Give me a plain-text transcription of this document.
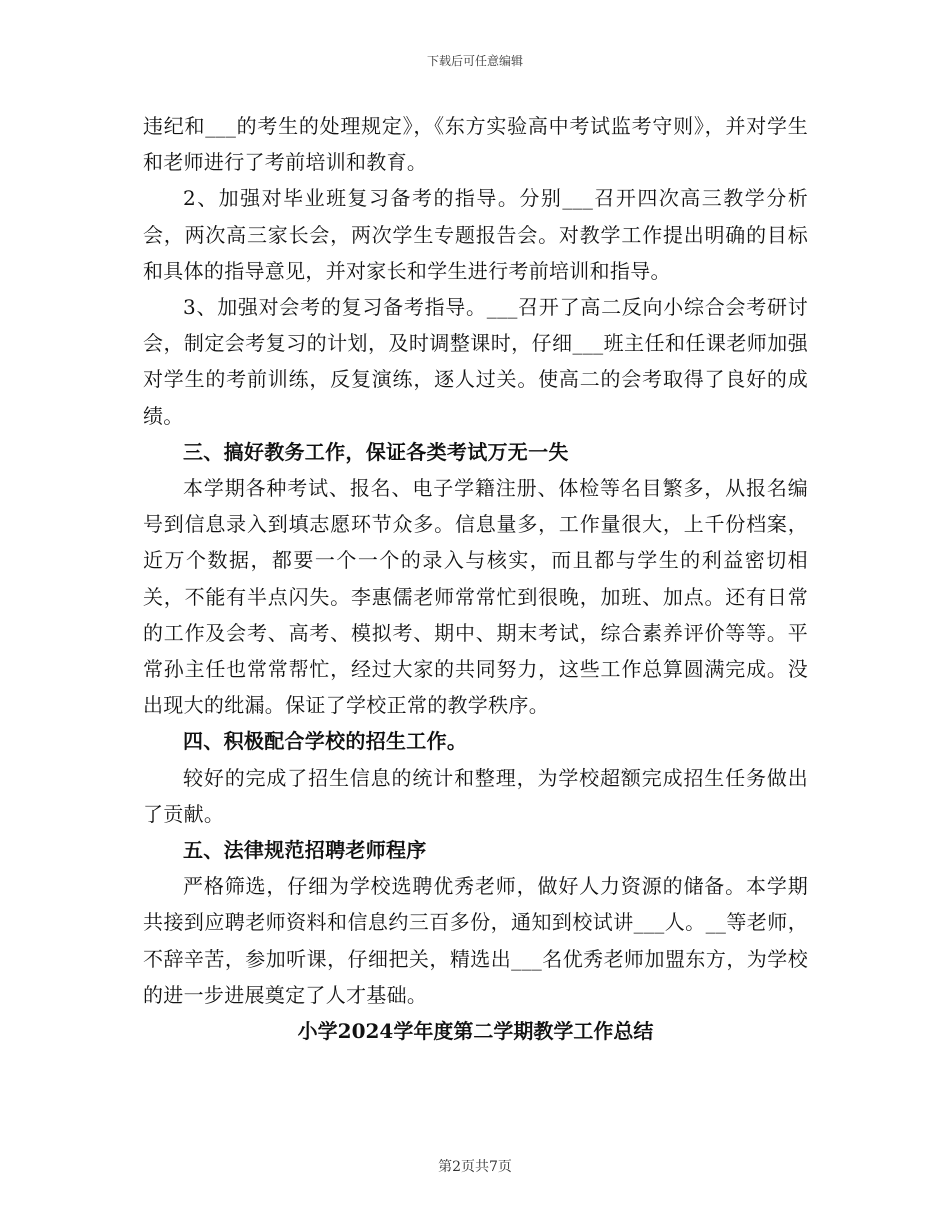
下载后可任意编辑

违纪和___的考生的处理规定》，《东方实验高中考试监考守则》，并对学生和老师进行了考前培训和教育。

2、加强对毕业班复习备考的指导。分别___召开四次高三教学分析会，两次高三家长会，两次学生专题报告会。对教学工作提出明确的目标和具体的指导意见，并对家长和学生进行考前培训和指导。

3、加强对会考的复习备考指导。___召开了高二反向小综合会考研讨会，制定会考复习的计划，及时调整课时，仔细___班主任和任课老师加强对学生的考前训练，反复演练，逐人过关。使高二的会考取得了良好的成绩。

三、搞好教务工作，保证各类考试万无一失

本学期各种考试、报名、电子学籍注册、体检等名目繁多，从报名编号到信息录入到填志愿环节众多。信息量多，工作量很大，上千份档案，近万个数据，都要一个一个的录入与核实，而且都与学生的利益密切相关，不能有半点闪失。李惠儒老师常常忙到很晚，加班、加点。还有日常的工作及会考、高考、模拟考、期中、期末考试，综合素养评价等等。平常孙主任也常常帮忙，经过大家的共同努力，这些工作总算圆满完成。没出现大的纰漏。保证了学校正常的教学秩序。

四、积极配合学校的招生工作。

较好的完成了招生信息的统计和整理，为学校超额完成招生任务做出了贡献。

五、法律规范招聘老师程序

严格筛选，仔细为学校选聘优秀老师，做好人力资源的储备。本学期共接到应聘老师资料和信息约三百多份，通知到校试讲___人。__等老师，不辞辛苦，参加听课，仔细把关，精选出___名优秀老师加盟东方，为学校的进一步进展奠定了人才基础。

小学2024学年度第二学期教学工作总结

第2页共7页
